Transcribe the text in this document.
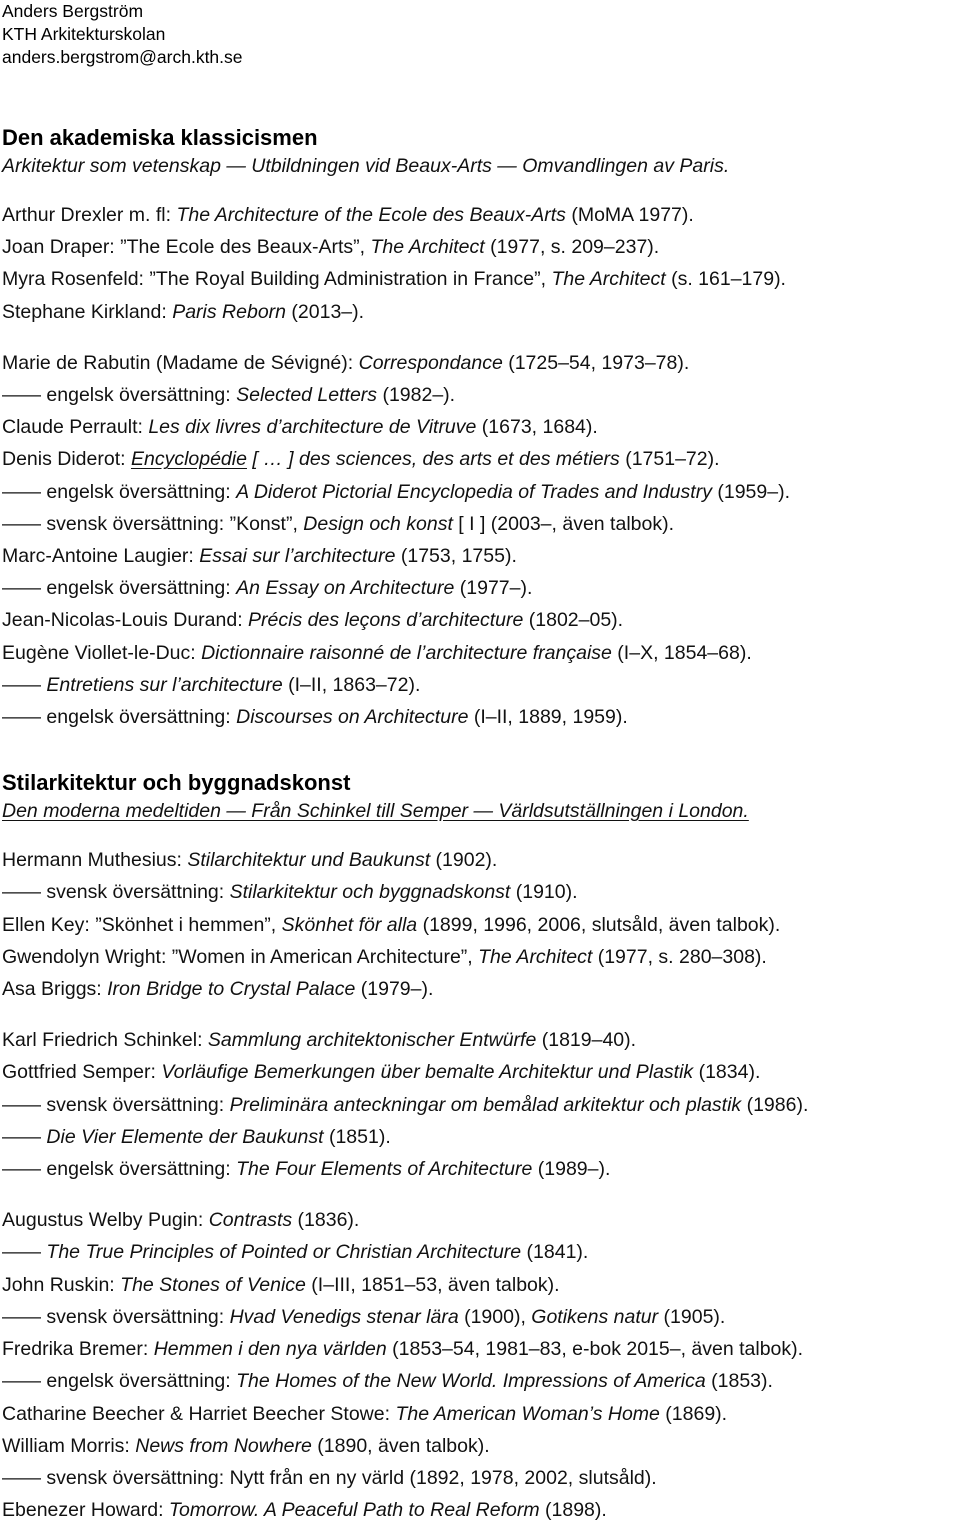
Anders Bergström
KTH Arkitekturskolan
anders.bergstrom@arch.kth.se
Den akademiska klassicismen
Arkitektur som vetenskap — Utbildningen vid Beaux-Arts — Omvandlingen av Paris.
Arthur Drexler m. fl: The Architecture of the Ecole des Beaux-Arts (MoMA 1977).
Joan Draper: ”The Ecole des Beaux-Arts”, The Architect (1977, s. 209–237).
Myra Rosenfeld: ”The Royal Building Administration in France”, The Architect (s. 161–179).
Stephane Kirkland: Paris Reborn (2013–).
Marie de Rabutin (Madame de Sévigné): Correspondance (1725–54, 1973–78).
—— engelsk översättning: Selected Letters (1982–).
Claude Perrault: Les dix livres d’architecture de Vitruve (1673, 1684).
Denis Diderot: Encyclopédie [ … ] des sciences, des arts et des métiers (1751–72).
—— engelsk översättning: A Diderot Pictorial Encyclopedia of Trades and Industry (1959–).
—— svensk översättning: ”Konst”, Design och konst [ I ] (2003–, även talbok).
Marc-Antoine Laugier: Essai sur l’architecture (1753, 1755).
—— engelsk översättning: An Essay on Architecture (1977–).
Jean-Nicolas-Louis Durand: Précis des leçons d’architecture (1802–05).
Eugène Viollet-le-Duc: Dictionnaire raisonné de l’architecture française (I–X, 1854–68).
—— Entretiens sur l’architecture (I–II, 1863–72).
—— engelsk översättning: Discourses on Architecture (I–II, 1889, 1959).
Stilarkitektur och byggnadskonst
Den moderna medeltiden — Från Schinkel till Semper — Världsutställningen i London.
Hermann Muthesius: Stilarchitektur und Baukunst (1902).
—— svensk översättning: Stilarkitektur och byggnadskonst (1910).
Ellen Key: ”Skönhet i hemmen”, Skönhet för alla (1899, 1996, 2006, slutsåld, även talbok).
Gwendolyn Wright: ”Women in American Architecture”, The Architect (1977, s. 280–308).
Asa Briggs: Iron Bridge to Crystal Palace (1979–).
Karl Friedrich Schinkel: Sammlung architektonischer Entwürfe (1819–40).
Gottfried Semper: Vorläufige Bemerkungen über bemalte Architektur und Plastik (1834).
—— svensk översättning: Preliminära anteckningar om bemålad arkitektur och plastik (1986).
—— Die Vier Elemente der Baukunst (1851).
—— engelsk översättning: The Four Elements of Architecture (1989–).
Augustus Welby Pugin: Contrasts (1836).
—— The True Principles of Pointed or Christian Architecture (1841).
John Ruskin: The Stones of Venice (I–III, 1851–53, även talbok).
—— svensk översättning: Hvad Venedigs stenar lära (1900), Gotikens natur (1905).
Fredrika Bremer: Hemmen i den nya världen (1853–54, 1981–83, e-bok 2015–, även talbok).
—— engelsk översättning: The Homes of the New World. Impressions of America (1853).
Catharine Beecher & Harriet Beecher Stowe: The American Woman’s Home (1869).
William Morris: News from Nowhere (1890, även talbok).
—— svensk översättning: Nytt från en ny värld (1892, 1978, 2002, slutsåld).
Ebenezer Howard: Tomorrow. A Peaceful Path to Real Reform (1898).
